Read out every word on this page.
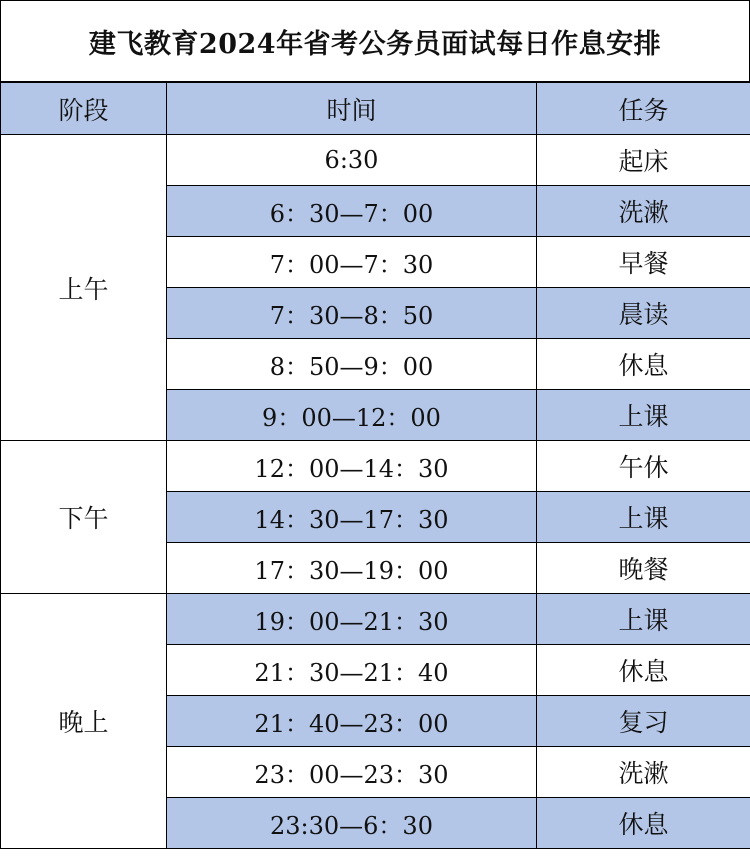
建飞教育2024年省考公务员面试每日作息安排
阶段	时间	任务
上午	6:30	起床
	6：30—7：00	洗漱
	7：00—7：30	早餐
	7：30—8：50	晨读
	8：50—9：00	休息
	9：00—12：00	上课
下午	12：00—14：30	午休
	14：30—17：30	上课
	17：30—19：00	晚餐
晚上	19：00—21：30	上课
	21：30—21：40	休息
	21：40—23：00	复习
	23：00—23：30	洗漱
	23:30—6：30	休息
